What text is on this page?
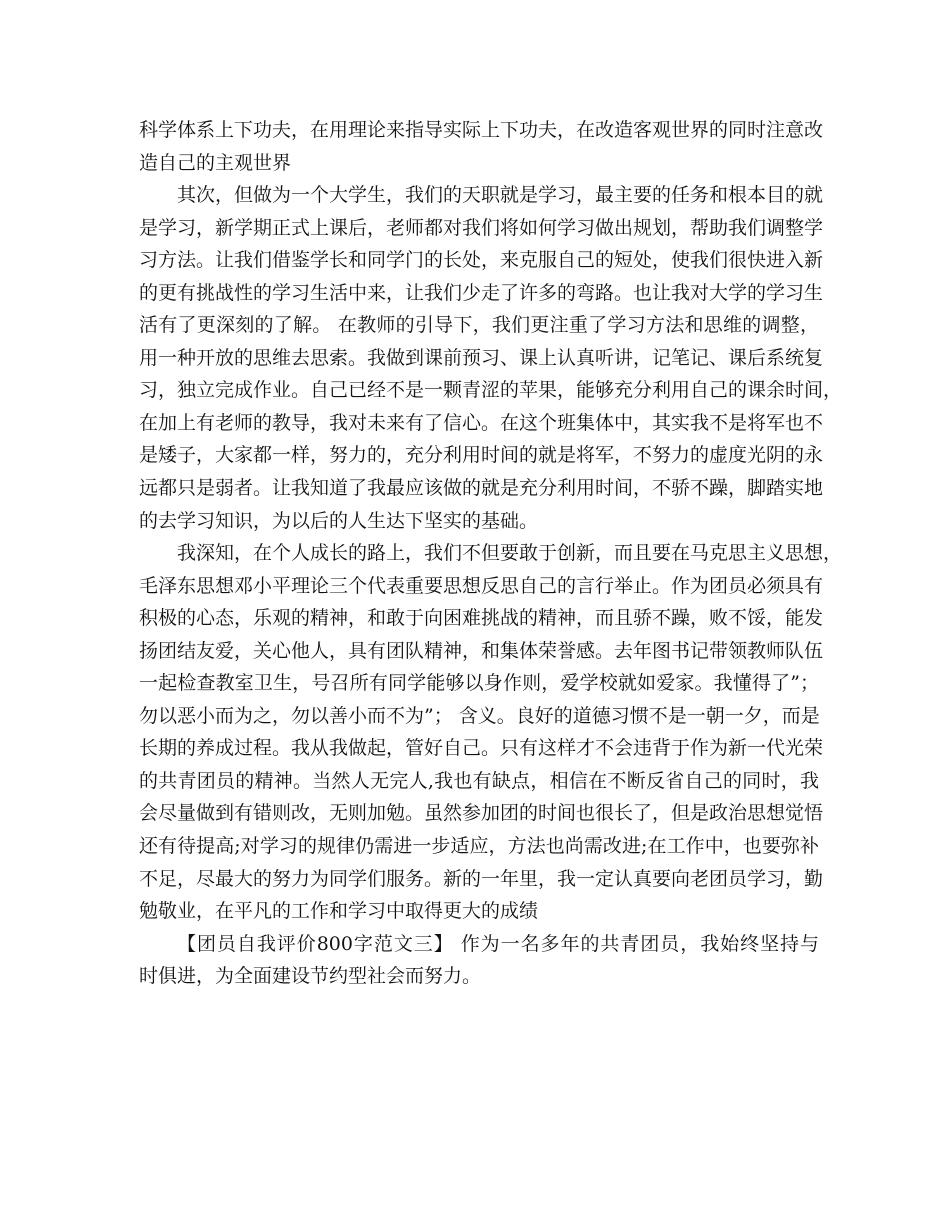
科学体系上下功夫，在用理论来指导实际上下功夫，在改造客观世界的同时注意改
造自己的主观世界
其次，但做为一个大学生，我们的天职就是学习，最主要的任务和根本目的就
是学习，新学期正式上课后，老师都对我们将如何学习做出规划，帮助我们调整学
习方法。让我们借鉴学长和同学门的长处，来克服自己的短处，使我们很快进入新
的更有挑战性的学习生活中来，让我们少走了许多的弯路。也让我对大学的学习生
活有了更深刻的了解。 在教师的引导下，我们更注重了学习方法和思维的调整，
用一种开放的思维去思索。我做到课前预习、课上认真听讲，记笔记、课后系统复
习，独立完成作业。自己已经不是一颗青涩的苹果，能够充分利用自己的课余时间，
在加上有老师的教导，我对未来有了信心。在这个班集体中，其实我不是将军也不
是矮子，大家都一样，努力的，充分利用时间的就是将军，不努力的虚度光阴的永
远都只是弱者。让我知道了我最应该做的就是充分利用时间，不骄不躁，脚踏实地
的去学习知识，为以后的人生达下坚实的基础。
我深知，在个人成长的路上，我们不但要敢于创新，而且要在马克思主义思想，
毛泽东思想邓小平理论三个代表重要思想反思自己的言行举止。作为团员必须具有
积极的心态，乐观的精神，和敢于向困难挑战的精神，而且骄不躁，败不馁，能发
扬团结友爱，关心他人，具有团队精神，和集体荣誉感。去年图书记带领教师队伍
一起检查教室卫生，号召所有同学能够以身作则，爱学校就如爱家。我懂得了”；
勿以恶小而为之，勿以善小而不为”； 含义。良好的道德习惯不是一朝一夕，而是
长期的养成过程。我从我做起，管好自己。只有这样才不会违背于作为新一代光荣
的共青团员的精神。当然人无完人,我也有缺点，相信在不断反省自己的同时，我
会尽量做到有错则改，无则加勉。虽然参加团的时间也很长了，但是政治思想觉悟
还有待提高;对学习的规律仍需进一步适应，方法也尚需改进;在工作中，也要弥补
不足，尽最大的努力为同学们服务。新的一年里，我一定认真要向老团员学习，勤
勉敬业，在平凡的工作和学习中取得更大的成绩
【团员自我评价800字范文三】 作为一名多年的共青团员，我始终坚持与
时俱进，为全面建设节约型社会而努力。
